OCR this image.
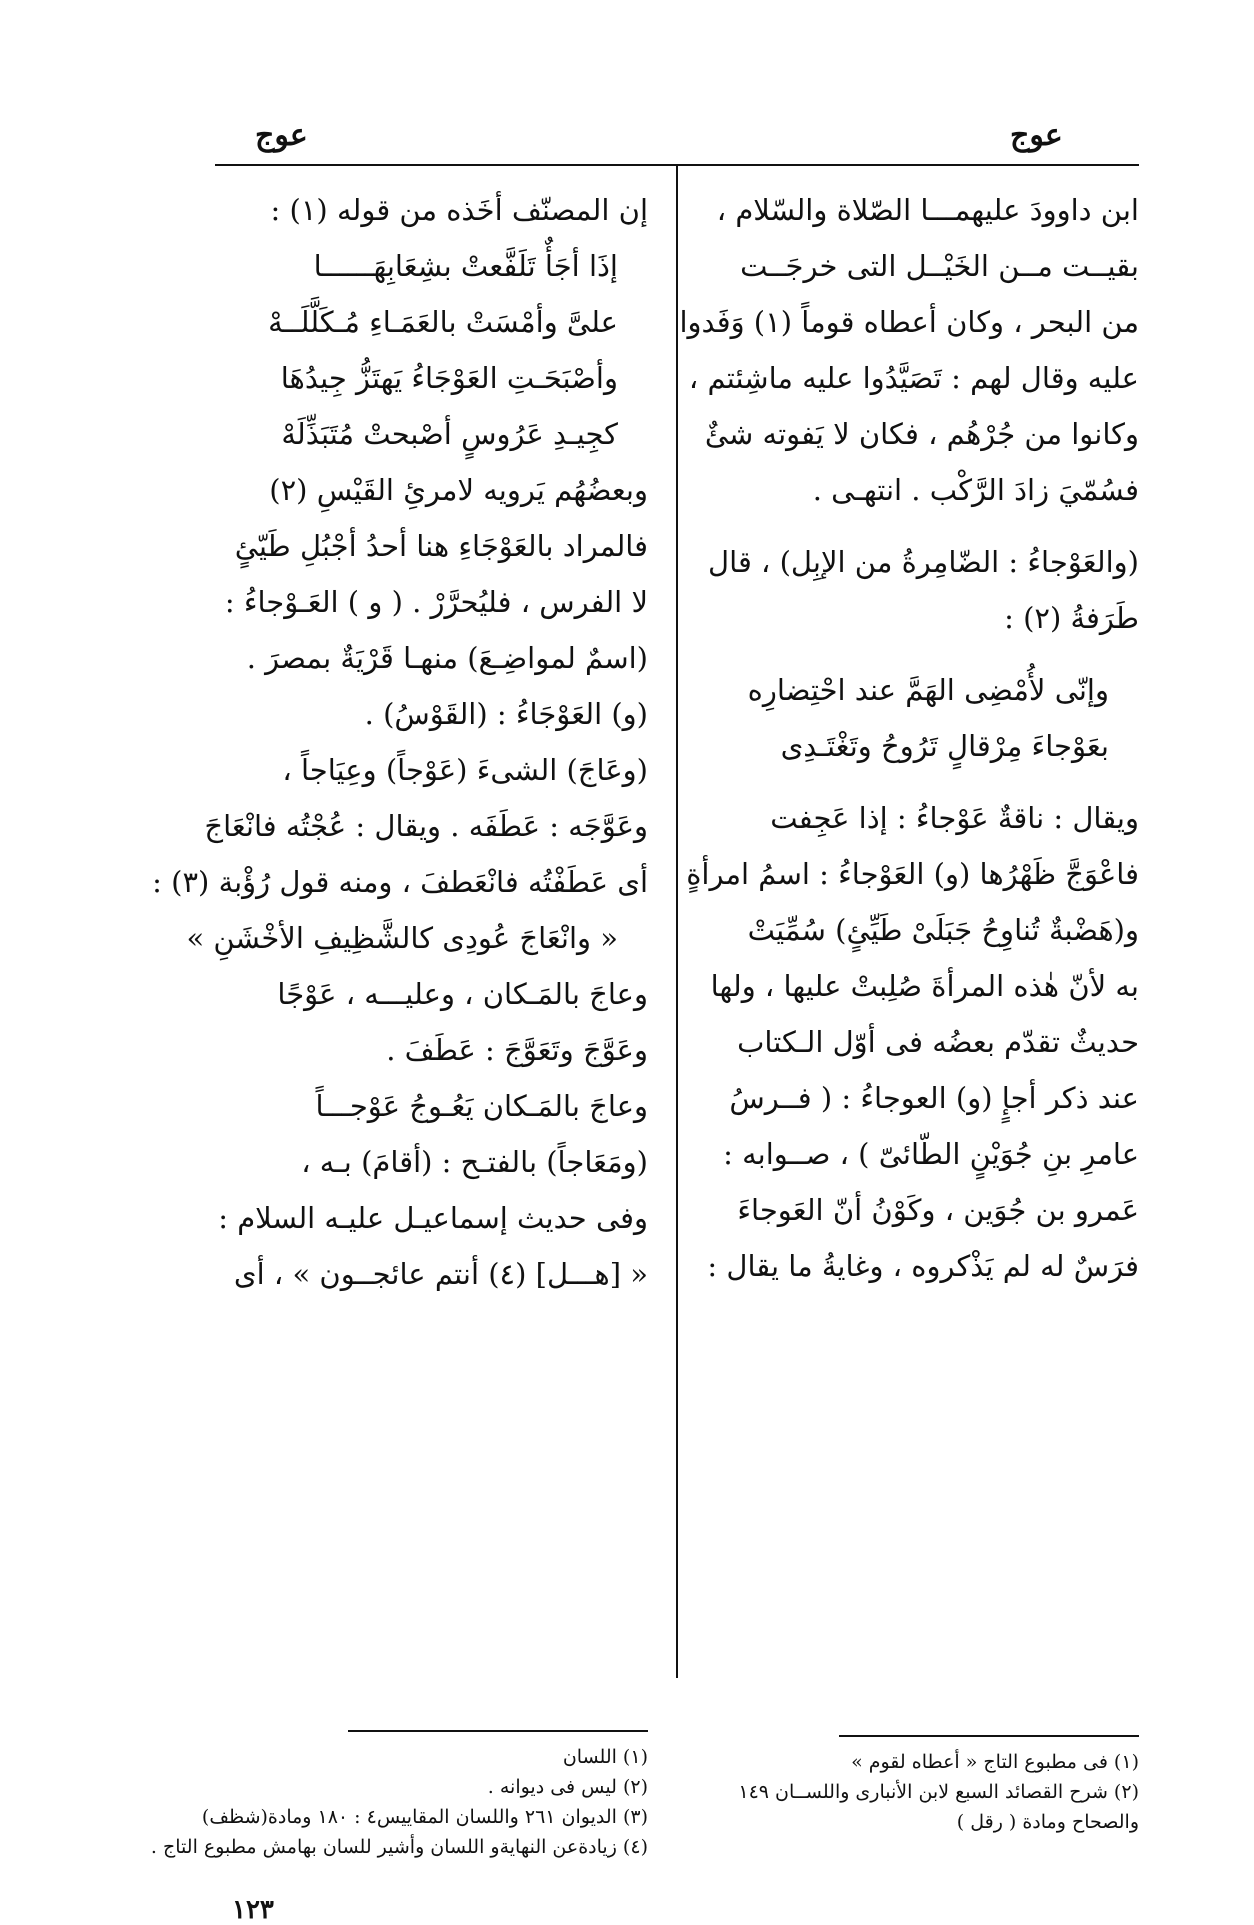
عوج
عوج
ابن داوودَ عليهمـــا الصّلاة والسّلام ،
بقيــت مــن الخَيْــل التى خرجَــت
من البحر ، وكان أعطاه قوماً (١) وَفَدوا
عليه وقال لهم : تَصَيَّدُوا عليه ماشِئتم ،
وكانوا من جُرْهُم ، فكان لا يَفوته شئٌ
فسُمّيَ زادَ الرَّكْب . انتهـى .
(والعَوْجاءُ : الضّامِرةُ من الإبِل) ، قال
طَرَفةُ (٢) :
وإنّى لأُمْضِى الهَمَّ عند احْتِضارِه
بعَوْجاءَ مِرْقالٍ تَرُوحُ وتَغْتَـدِى
ويقال : ناقةٌ عَوْجاءُ : إذا عَجِفت
فاعْوَجَّ ظَهْرُها (و) العَوْجاءُ : اسمُ امرأةٍ
و(هَضْبةٌ تُناوِحُ جَبَلَىْ طَيِّئٍ) سُمِّيَتْ
به لأنّ هٰذه المرأةَ صُلِبتْ عليها ، ولها
حديثٌ تقدّم بعضُه فى أوّل الـكتاب
عند ذكر أجإٍ (و) العوجاءُ : ( فــرسُ
عامرِ بنِ جُوَيْنٍ الطّائىّ ) ، صــوابه :
عَمرو بن جُوَين ، وكَوْنُ أنّ العَوجاءَ
فرَسٌ له لم يَذْكروه ، وغايةُ ما يقال :
إن المصنّف أخَذه من قوله (١) :
إذَا أجَأٌ تَلَفَّعتْ بشِعَابِهَــــــا
علىَّ وأمْسَتْ بالعَمَـاءِ مُـكَلَّلَــهْ
وأصْبَحَـتِ العَوْجَاءُ يَهتَزُّ جِيدُهَا
كجِيـدِ عَرُوسٍ أصْبحتْ مُتَبَذِّلَهْ
وبعضُهُم يَرويه لامرئِ القَيْسِ (٢)
فالمراد بالعَوْجَاءِ هنا أحدُ أجْبُلِ طَيّئٍ
لا الفرس ، فليُحرَّرْ . ( و ) العَـوْجاءُ :
(اسمٌ لمواضِـعَ) منهـا قَرْيَةٌ بمصرَ .
(و) العَوْجَاءُ : (القَوْسُ) .
(وعَاجَ) الشىءَ (عَوْجاً) وعِيَاجاً ،
وعَوَّجَه : عَطَفَه . ويقال : عُجْتُه فانْعَاجَ
أى عَطَفْتُه فانْعَطفَ ، ومنه قول رُؤْبة (٣) :
« وانْعَاجَ عُودِى كالشَّظِيفِ الأخْشَنِ »
وعاجَ بالمَـكان ، وعليـــه ، عَوْجًا
وعَوَّجَ وتَعَوَّجَ : عَطَفَ .
وعاجَ بالمَـكان يَعُـوجُ عَوْجـــاً
(ومَعَاجاً) بالفتـح : (أقامَ) بـه ،
وفى حديث إسماعيـل عليـه السلام :
« [هـــل] (٤) أنتم عائجــون » ، أى
(١) فى مطبوع التاج « أعطاه لقوم »
(٢) شرح القصائد السبع لابن الأنبارى واللســان ١٤٩
والصحاح ومادة ( رقل )
(١) اللسان
(٢) ليس فى ديوانه .
(٣) الديوان ٢٦١ واللسان المقاييس٤ : ١٨٠ ومادة(شظف)
(٤) زيادةعن النهايةو اللسان وأشير للسان بهامش مطبوع التاج .
١٢٣
